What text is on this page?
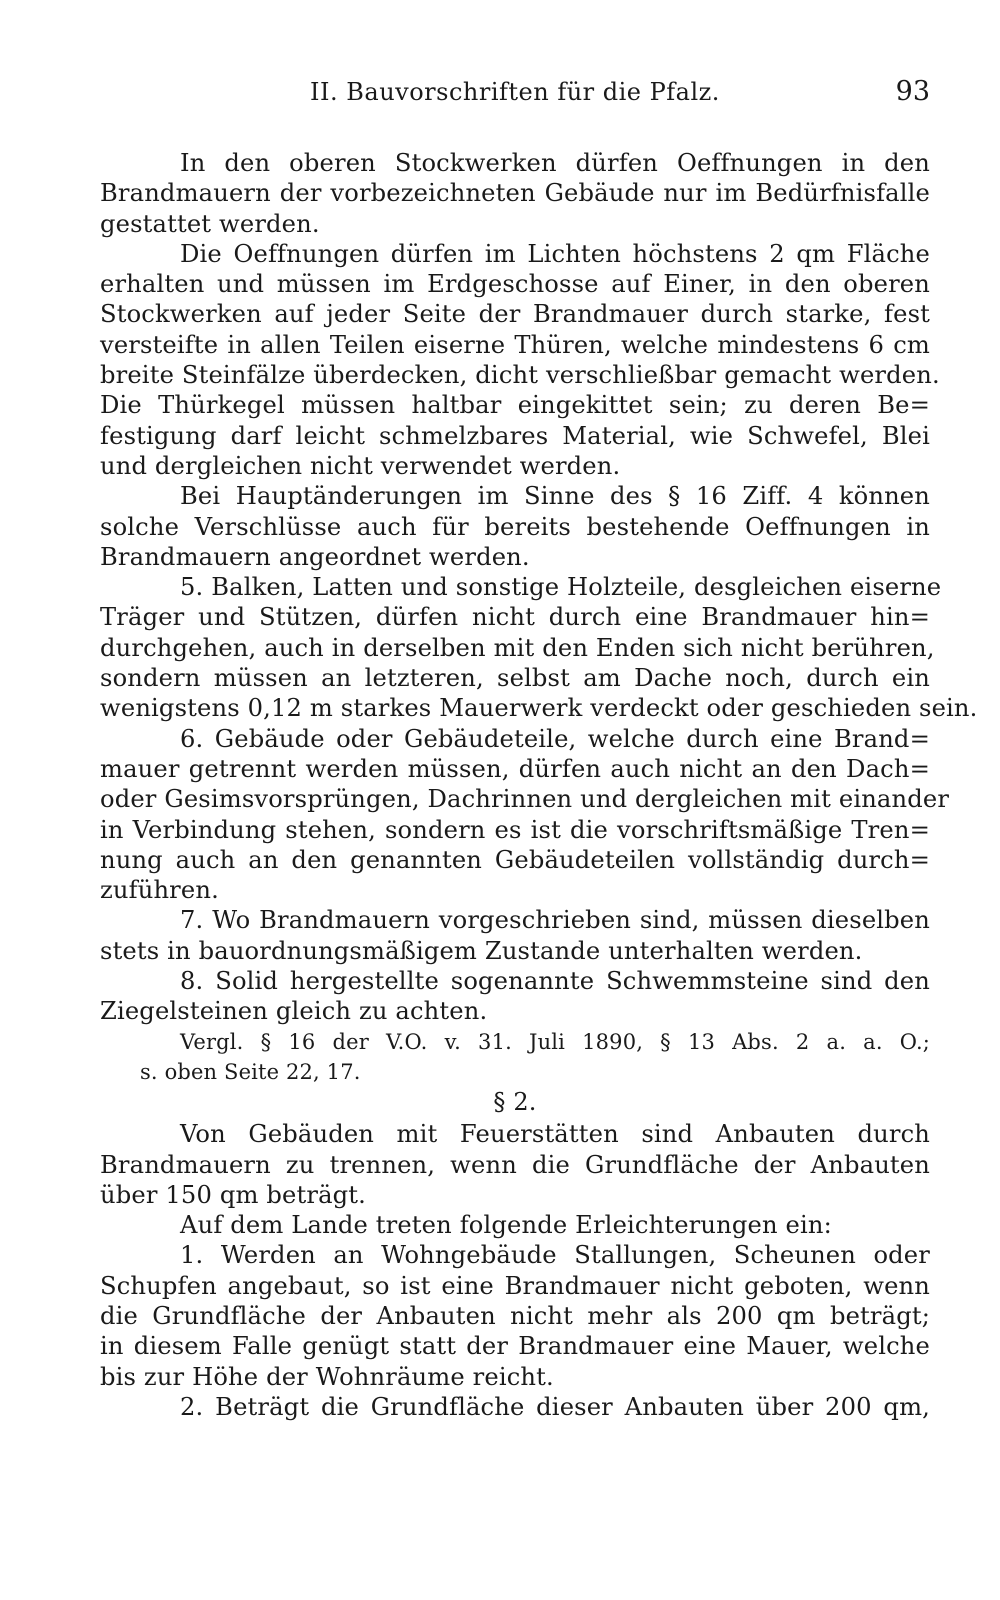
II. Bauvorschriften für die Pfalz.	93
In den oberen Stockwerken dürfen Oeffnungen in den
Brandmauern der vorbezeichneten Gebäude nur im Bedürfnisfalle
gestattet werden.
Die Oeffnungen dürfen im Lichten höchstens 2 qm Fläche
erhalten und müssen im Erdgeschosse auf Einer, in den oberen
Stockwerken auf jeder Seite der Brandmauer durch starke, fest
versteifte in allen Teilen eiserne Thüren, welche mindestens 6 cm
breite Steinfälze überdecken, dicht verschließbar gemacht werden.
Die Thürkegel müssen haltbar eingekittet sein; zu deren Be=
festigung darf leicht schmelzbares Material, wie Schwefel, Blei
und dergleichen nicht verwendet werden.
Bei Hauptänderungen im Sinne des § 16 Ziff. 4 können
solche Verschlüsse auch für bereits bestehende Oeffnungen in
Brandmauern angeordnet werden.
5. Balken, Latten und sonstige Holzteile, desgleichen eiserne
Träger und Stützen, dürfen nicht durch eine Brandmauer hin=
durchgehen, auch in derselben mit den Enden sich nicht berühren,
sondern müssen an letzteren, selbst am Dache noch, durch ein
wenigstens 0,12 m starkes Mauerwerk verdeckt oder geschieden sein.
6. Gebäude oder Gebäudeteile, welche durch eine Brand=
mauer getrennt werden müssen, dürfen auch nicht an den Dach=
oder Gesimsvorsprüngen, Dachrinnen und dergleichen mit einander
in Verbindung stehen, sondern es ist die vorschriftsmäßige Tren=
nung auch an den genannten Gebäudeteilen vollständig durch=
zuführen.
7. Wo Brandmauern vorgeschrieben sind, müssen dieselben
stets in bauordnungsmäßigem Zustande unterhalten werden.
8. Solid hergestellte sogenannte Schwemmsteine sind den
Ziegelsteinen gleich zu achten.
Vergl. § 16 der V.O. v. 31. Juli 1890, § 13 Abs. 2 a. a. O.;
s. oben Seite 22, 17.
§ 2.
Von Gebäuden mit Feuerstätten sind Anbauten durch
Brandmauern zu trennen, wenn die Grundfläche der Anbauten
über 150 qm beträgt.
Auf dem Lande treten folgende Erleichterungen ein:
1. Werden an Wohngebäude Stallungen, Scheunen oder
Schupfen angebaut, so ist eine Brandmauer nicht geboten, wenn
die Grundfläche der Anbauten nicht mehr als 200 qm beträgt;
in diesem Falle genügt statt der Brandmauer eine Mauer, welche
bis zur Höhe der Wohnräume reicht.
2. Beträgt die Grundfläche dieser Anbauten über 200 qm,
